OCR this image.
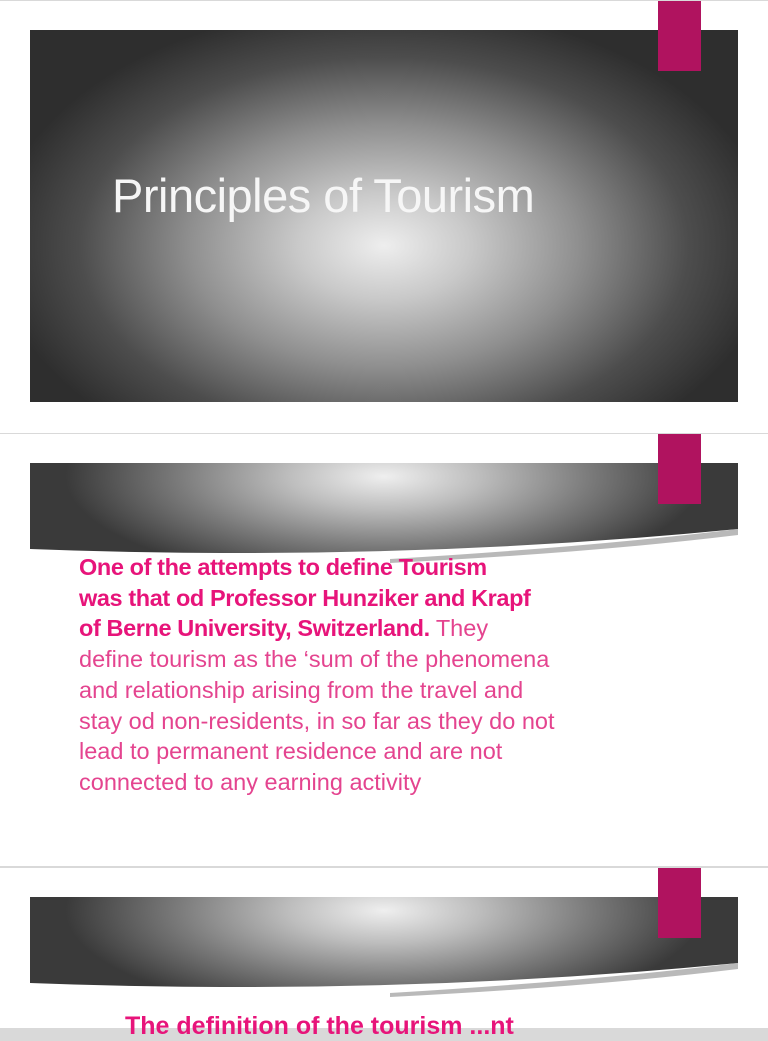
Principles of Tourism
One of the attempts to define Tourism
was that od Professor Hunziker and Krapf
of Berne University, Switzerland. They
define tourism as the ‘sum of the phenomena
and relationship arising from the travel and
stay od non-residents, in so far as they do not
lead to permanent residence and are not
connected to any earning activity
The definition of the tourism ...nt
